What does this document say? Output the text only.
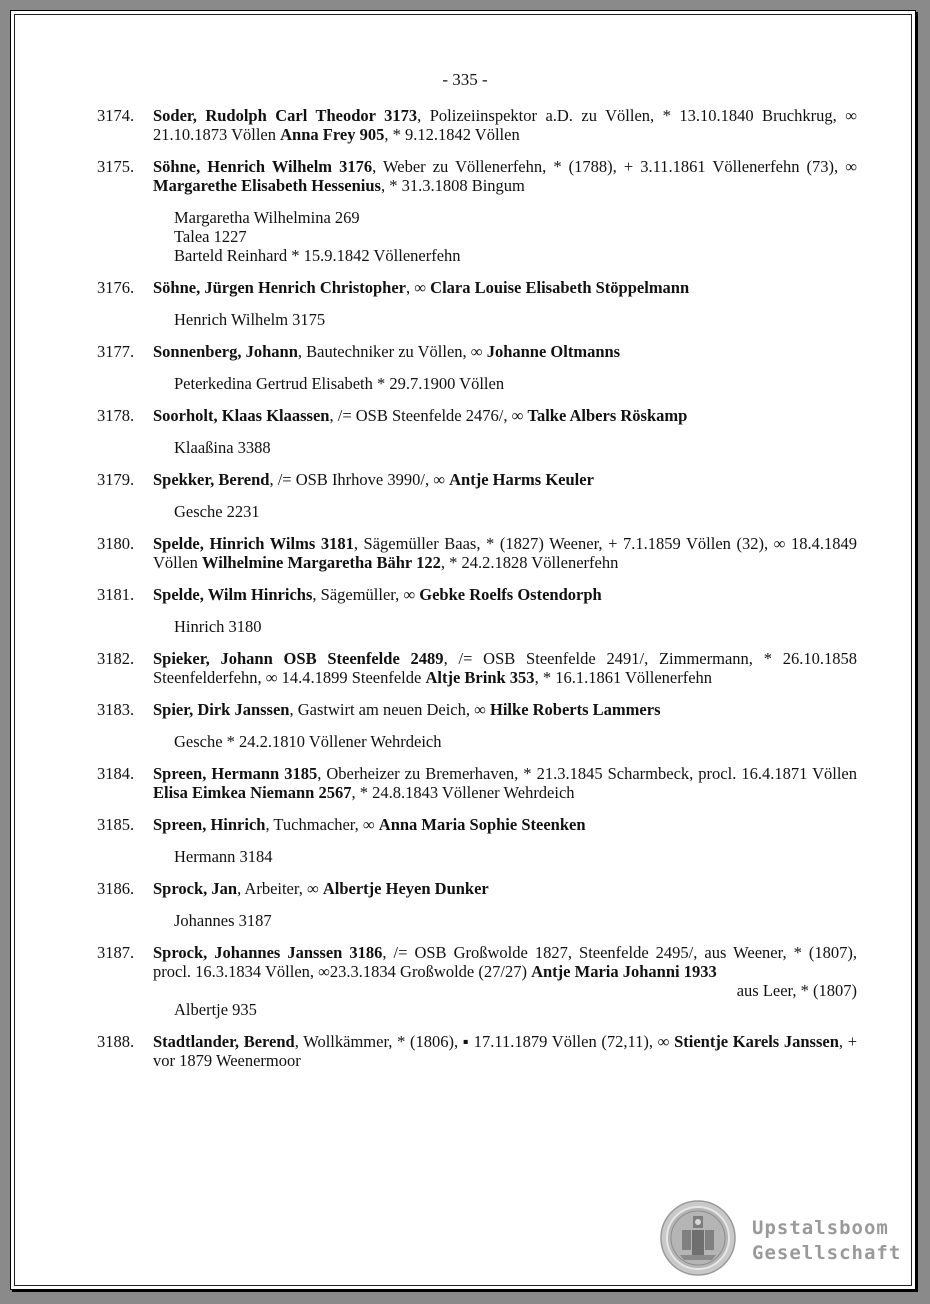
- 335 -
3174.	Soder, Rudolph Carl Theodor 3173, Polizeiinspektor a.D. zu Völlen, * 13.10.1840 Bruchkrug, ∞ 21.10.1873 Völlen Anna Frey 905, * 9.12.1842 Völlen
3175.	Söhne, Henrich Wilhelm 3176, Weber zu Völlenerfehn, * (1788), + 3.11.1861 Völlenerfehn (73), ∞ Margarethe Elisabeth Hessenius, * 31.3.1808 Bingum
Margaretha Wilhelmina 269
Talea 1227
Barteld Reinhard * 15.9.1842 Völlenerfehn
3176.	Söhne, Jürgen Henrich Christopher, ∞ Clara Louise Elisabeth Stöppelmann
Henrich Wilhelm 3175
3177.	Sonnenberg, Johann, Bautechniker zu Völlen, ∞ Johanne Oltmanns
Peterkedina Gertrud Elisabeth * 29.7.1900 Völlen
3178.	Soorholt, Klaas Klaassen, /= OSB Steenfelde 2476/, ∞ Talke Albers Röskamp
Klaaßina 3388
3179.	Spekker, Berend, /= OSB Ihrhove 3990/, ∞ Antje Harms Keuler
Gesche 2231
3180.	Spelde, Hinrich Wilms 3181, Sägemüller Baas, * (1827) Weener, + 7.1.1859 Völlen (32), ∞ 18.4.1849 Völlen Wilhelmine Margaretha Bähr 122, * 24.2.1828 Völlenerfehn
3181.	Spelde, Wilm Hinrichs, Sägemüller, ∞ Gebke Roelfs Ostendorph
Hinrich 3180
3182.	Spieker, Johann OSB Steenfelde 2489, /= OSB Steenfelde 2491/, Zimmermann, * 26.10.1858 Steenfelderfehn, ∞ 14.4.1899 Steenfelde Altje Brink 353, * 16.1.1861 Völlenerfehn
3183.	Spier, Dirk Janssen, Gastwirt am neuen Deich, ∞ Hilke Roberts Lammers
Gesche * 24.2.1810 Völlener Wehrdeich
3184.	Spreen, Hermann 3185, Oberheizer zu Bremerhaven, * 21.3.1845 Scharmbeck, procl. 16.4.1871 Völlen Elisa Eimkea Niemann 2567, * 24.8.1843 Völlener Wehrdeich
3185.	Spreen, Hinrich, Tuchmacher, ∞ Anna Maria Sophie Steenken
Hermann 3184
3186.	Sprock, Jan, Arbeiter, ∞ Albertje Heyen Dunker
Johannes 3187
3187.	Sprock, Johannes Janssen 3186, /= OSB Großwolde 1827, Steenfelde 2495/, aus Weener, * (1807), procl. 16.3.1834 Völlen, ∞23.3.1834 Großwolde (27/27) Antje Maria Johanni 1933
aus Leer, * (1807)
Albertje 935
3188.	Stadtlander, Berend, Wollkämmer, * (1806), ▪ 17.11.1879 Völlen (72,11), ∞ Stientje Karels Janssen, + vor 1879 Weenermoor
Upstalsboom
Gesellschaft
